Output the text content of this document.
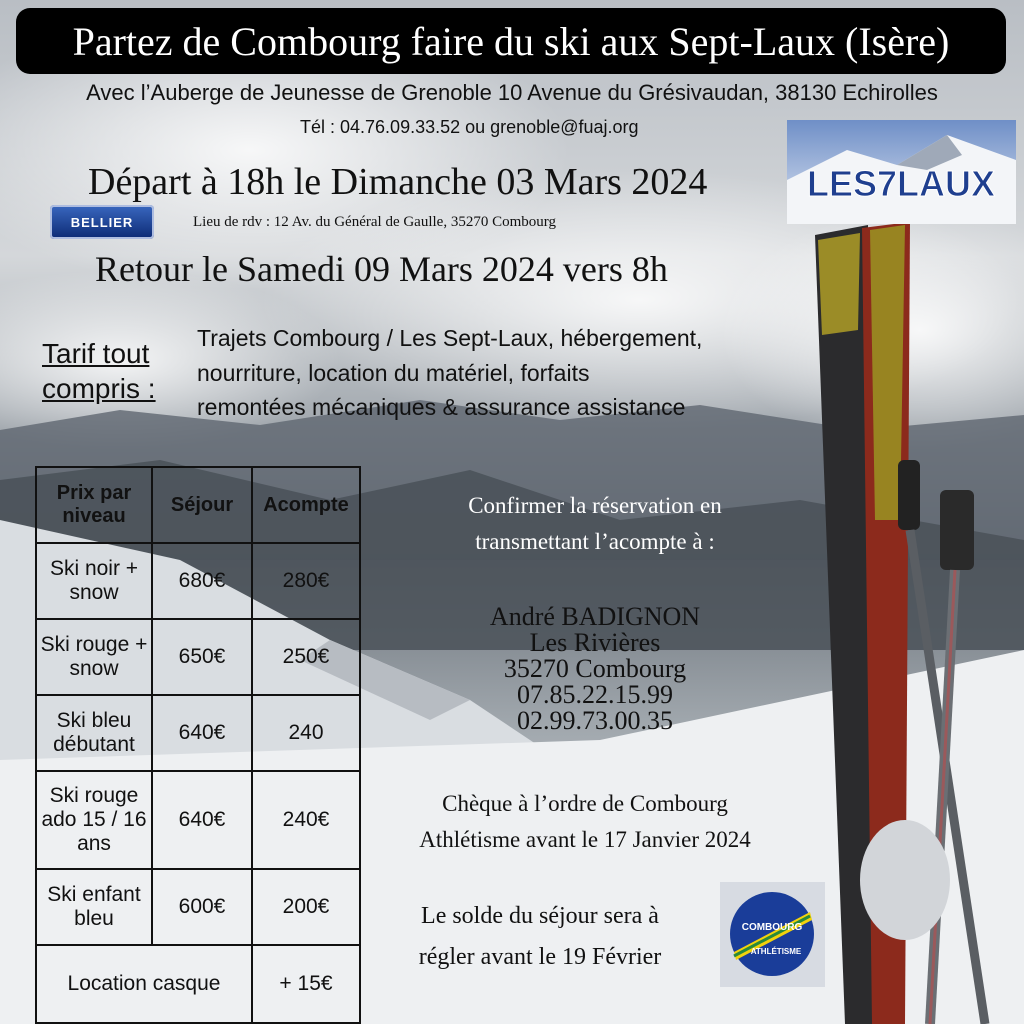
Partez de Combourg faire du ski aux Sept-Laux (Isère)
Avec l’Auberge de Jeunesse de Grenoble 10 Avenue du Grésivaudan, 38130 Echirolles
Tél : 04.76.09.33.52 ou grenoble@fuaj.org
Départ à 18h le Dimanche 03 Mars 2024
BELLIER	Lieu de rdv : 12 Av. du Général de Gaulle, 35270 Combourg
Retour le Samedi 09 Mars 2024 vers 8h
LES7LAUX
Tarif tout
compris :
Trajets Combourg / Les Sept-Laux, hébergement,
nourriture, location du matériel, forfaits
remontées mécaniques & assurance assistance
Prix par niveau	Séjour	Acompte
Ski noir + snow	680€	280€
Ski rouge + snow	650€	250€
Ski bleu débutant	640€	240
Ski rouge ado 15 / 16 ans	640€	240€
Ski enfant bleu	600€	200€
Location casque		+ 15€
Confirmer la réservation en
transmettant l’acompte à :
André BADIGNON
Les Rivières
35270 Combourg
07.85.22.15.99
02.99.73.00.35
Chèque à l’ordre de Combourg
Athlétisme avant le 17 Janvier 2024
Le solde du séjour sera à
régler avant le 19 Février
COMBOURG
ATHLÉTISME
